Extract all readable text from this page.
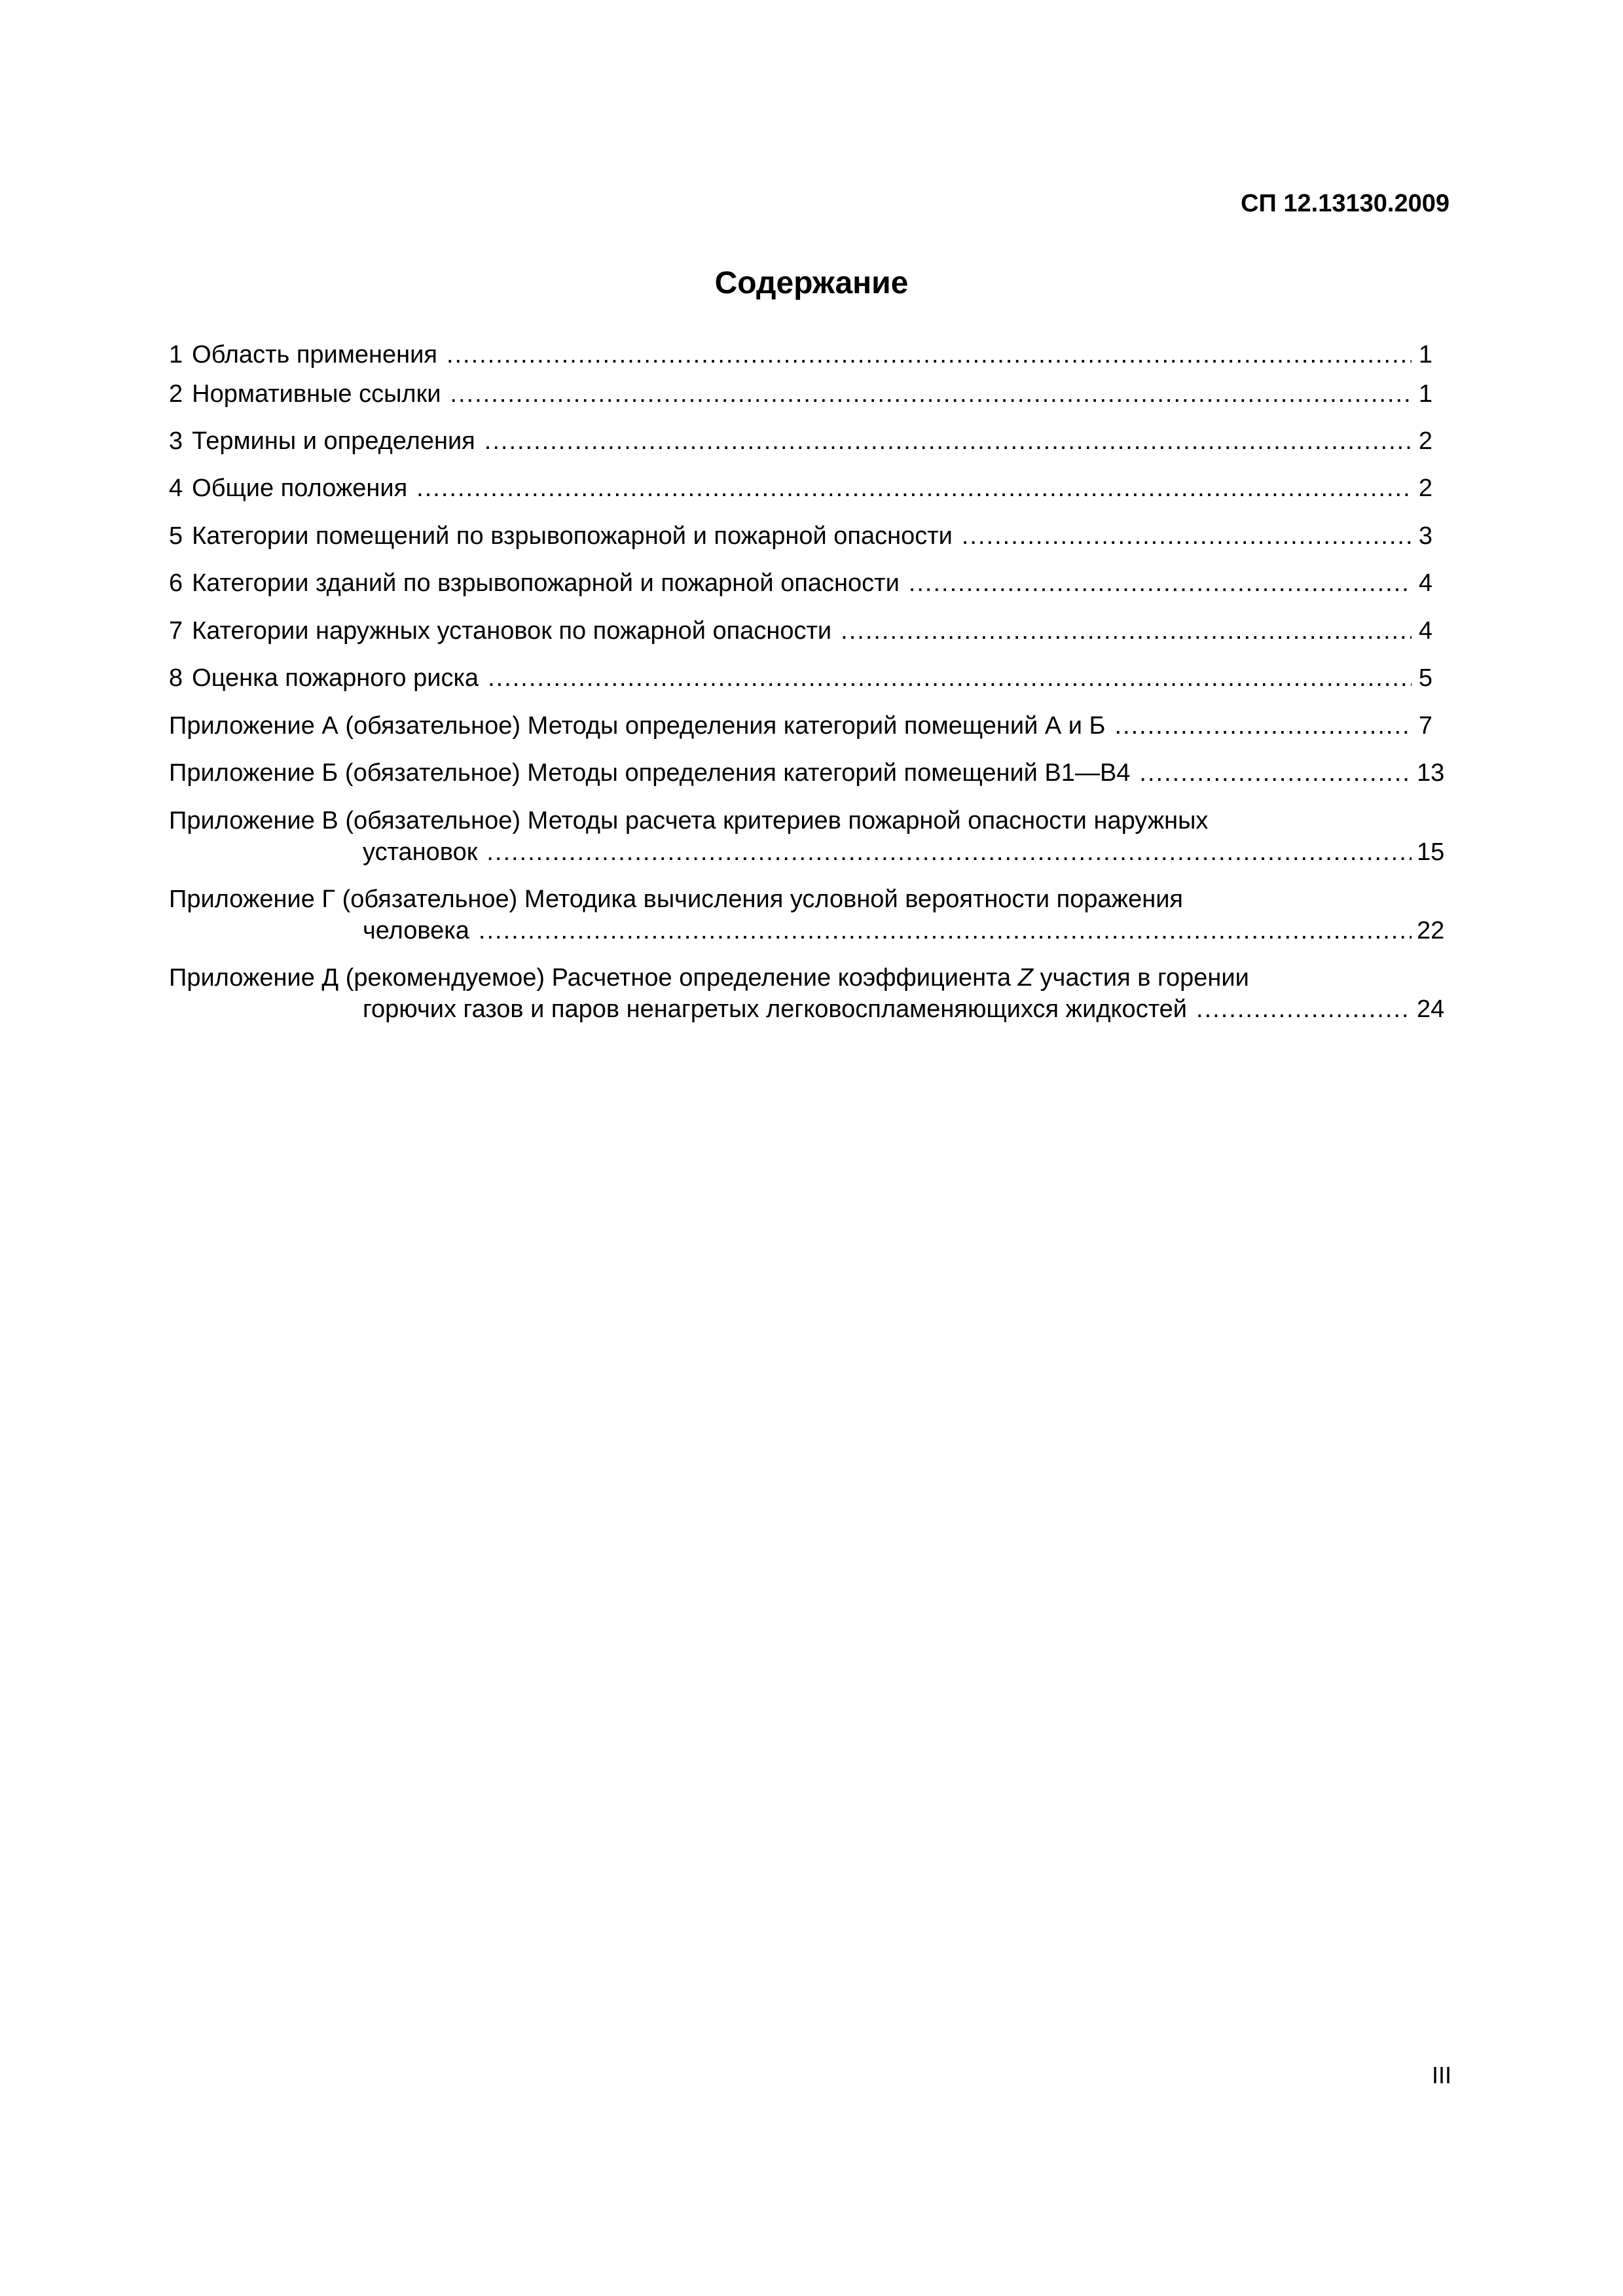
СП 12.13130.2009
Содержание
1 Область применения .....	1
2 Нормативные ссылки .....	1
3 Термины и определения .....	2
4 Общие положения .....	2
5 Категории помещений по взрывопожарной и пожарной опасности .....	3
6 Категории зданий по взрывопожарной и пожарной опасности .....	4
7 Категории наружных установок по пожарной опасности .....	4
8 Оценка пожарного риска .....	5
Приложение А (обязательное) Методы определения категорий помещений А и Б .....	7
Приложение Б (обязательное) Методы определения категорий помещений В1—В4 .....	13
Приложение В (обязательное) Методы расчета критериев пожарной опасности наружных
установок .....	15
Приложение Г (обязательное) Методика вычисления условной вероятности поражения
человека .....	22
Приложение Д (рекомендуемое) Расчетное определение коэффициента Z участия в горении
горючих газов и паров ненагретых легковоспламеняющихся жидкостей .....	24
III
